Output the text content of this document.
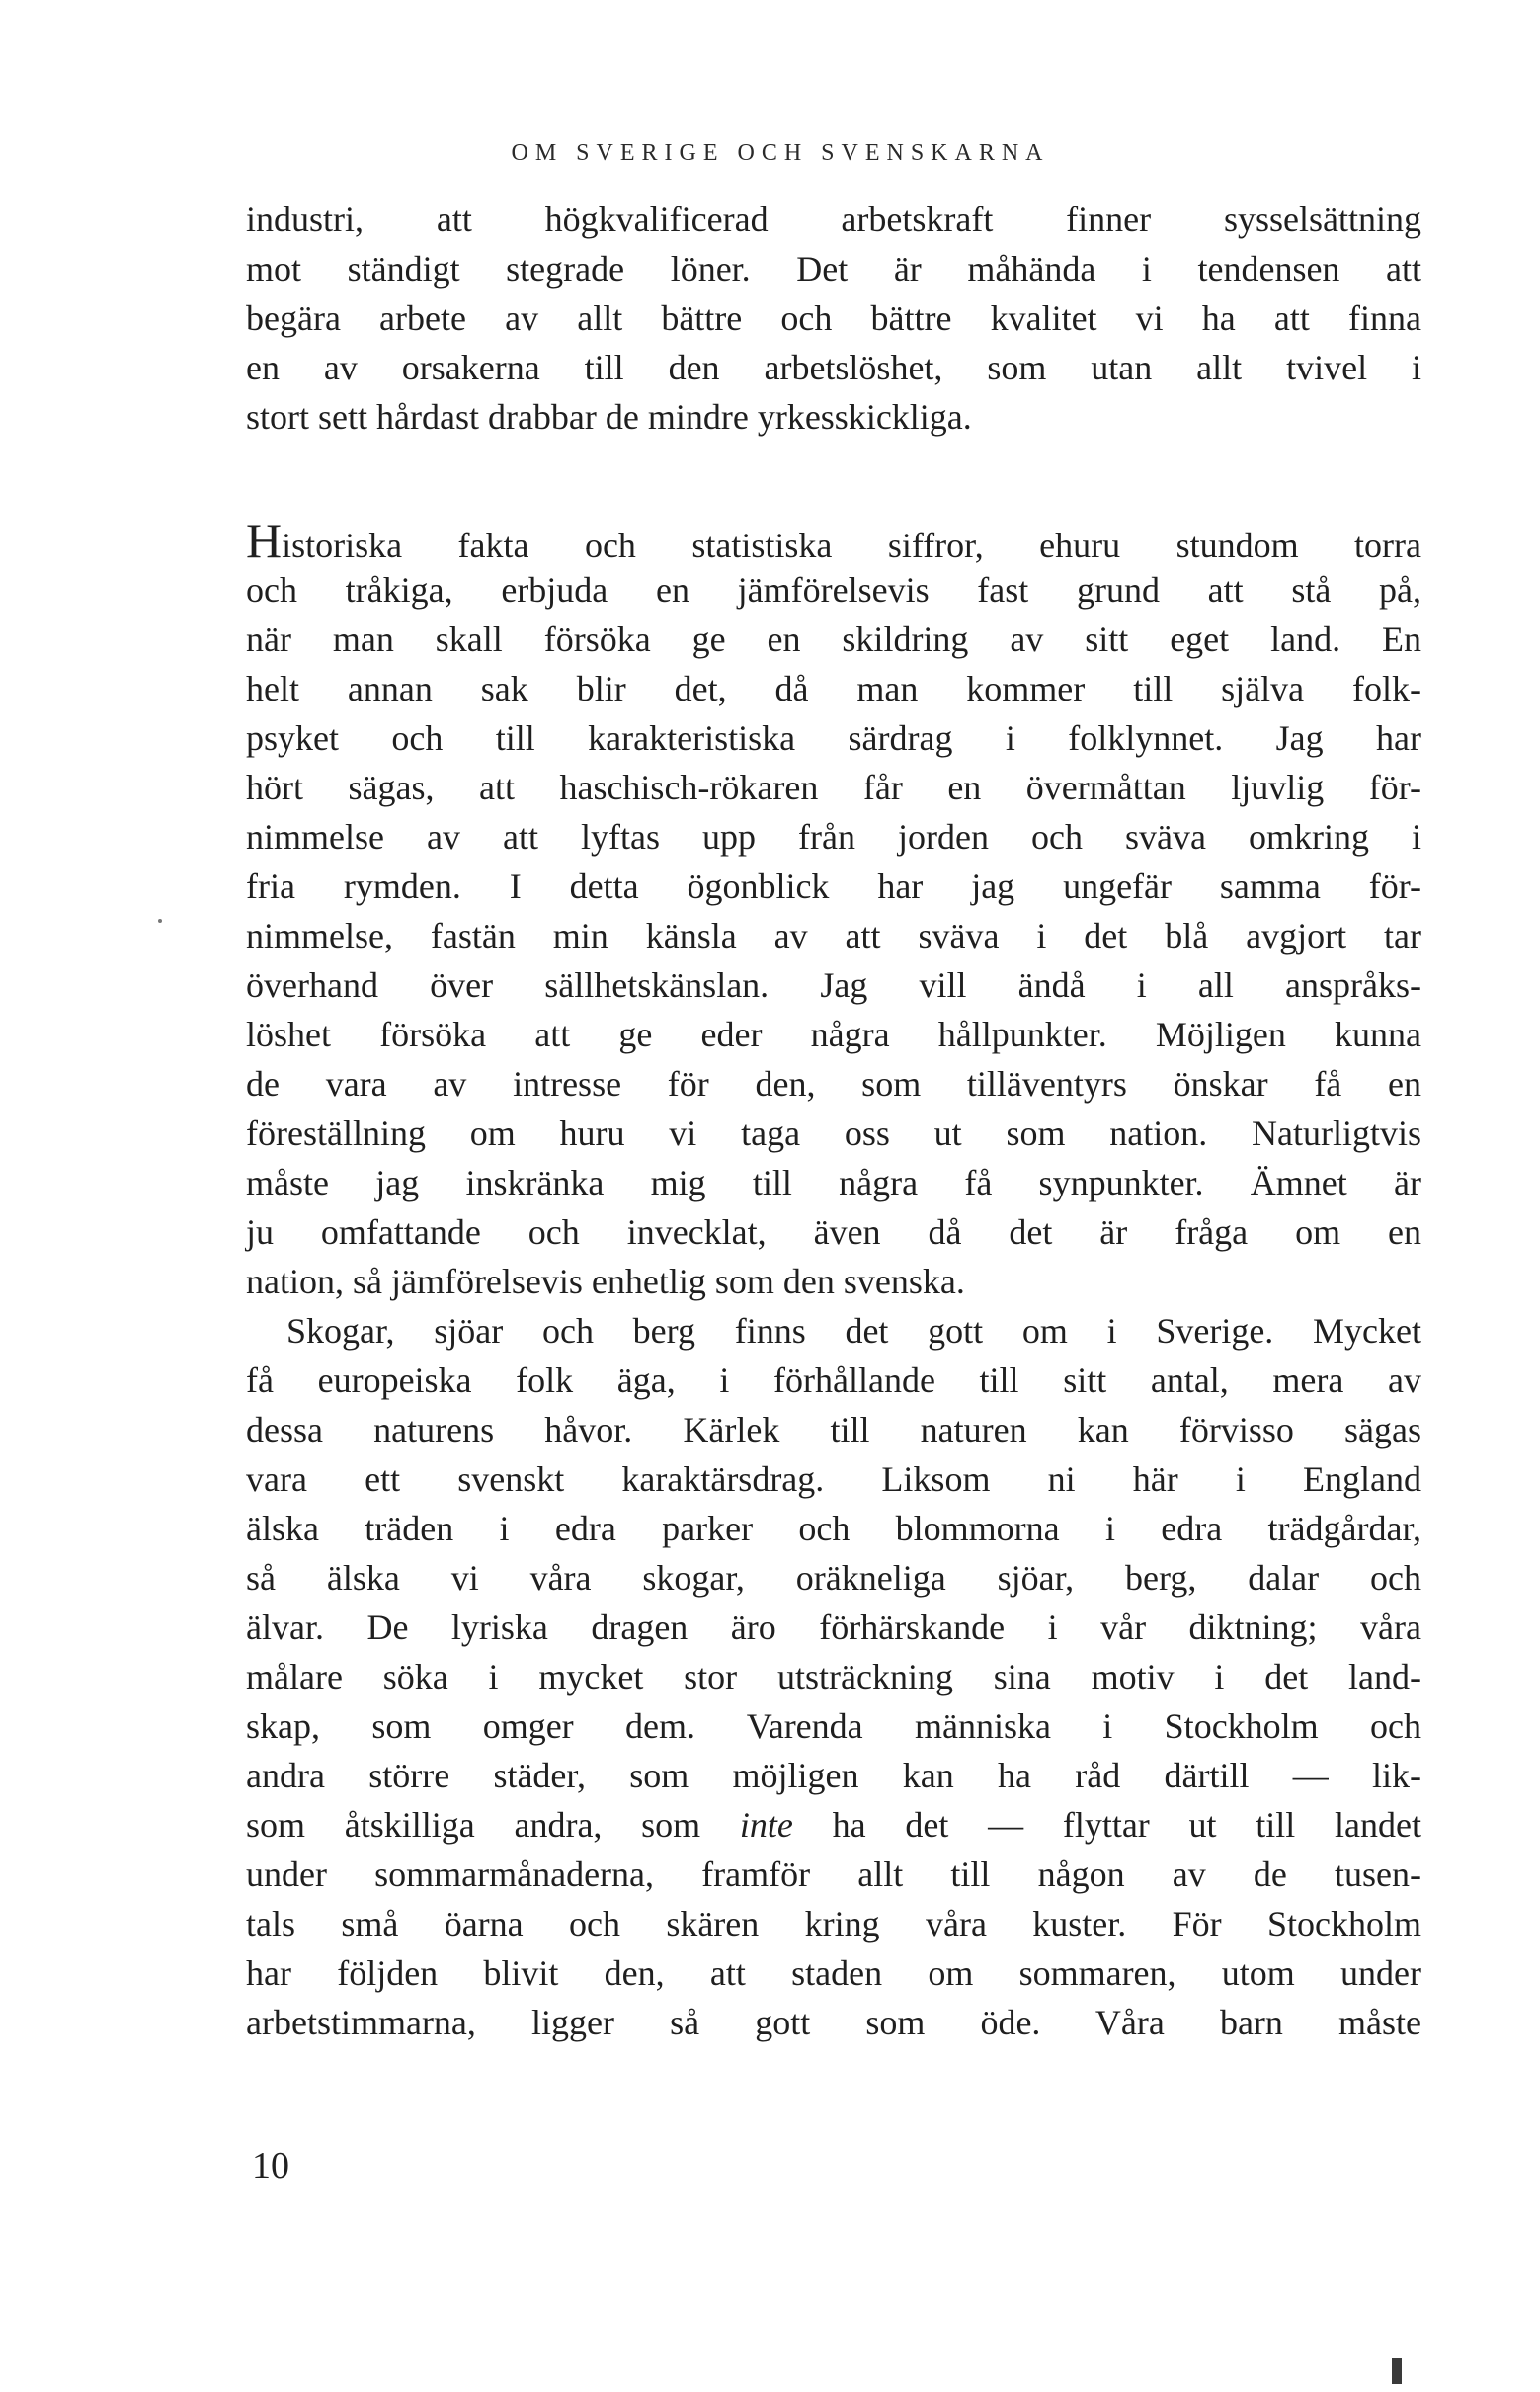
OM SVERIGE OCH SVENSKARNA
industri, att högkvalificerad arbetskraft finner sysselsättning
mot ständigt stegrade löner. Det är måhända i tendensen att
begära arbete av allt bättre och bättre kvalitet vi ha att finna
en av orsakerna till den arbetslöshet, som utan allt tvivel i
stort sett hårdast drabbar de mindre yrkesskickliga.
Historiska fakta och statistiska siffror, ehuru stundom torra
och tråkiga, erbjuda en jämförelsevis fast grund att stå på,
när man skall försöka ge en skildring av sitt eget land. En
helt annan sak blir det, då man kommer till själva folk-
psyket och till karakteristiska särdrag i folklynnet. Jag har
hört sägas, att haschisch-rökaren får en övermåttan ljuvlig för-
nimmelse av att lyftas upp från jorden och sväva omkring i
fria rymden. I detta ögonblick har jag ungefär samma för-
nimmelse, fastän min känsla av att sväva i det blå avgjort tar
överhand över sällhetskänslan. Jag vill ändå i all anspråks-
löshet försöka att ge eder några hållpunkter. Möjligen kunna
de vara av intresse för den, som tilläventyrs önskar få en
föreställning om huru vi taga oss ut som nation. Naturligtvis
måste jag inskränka mig till några få synpunkter. Ämnet är
ju omfattande och invecklat, även då det är fråga om en
nation, så jämförelsevis enhetlig som den svenska.
Skogar, sjöar och berg finns det gott om i Sverige. Mycket
få europeiska folk äga, i förhållande till sitt antal, mera av
dessa naturens håvor. Kärlek till naturen kan förvisso sägas
vara ett svenskt karaktärsdrag. Liksom ni här i England
älska träden i edra parker och blommorna i edra trädgårdar,
så älska vi våra skogar, oräkneliga sjöar, berg, dalar och
älvar. De lyriska dragen äro förhärskande i vår diktning; våra
målare söka i mycket stor utsträckning sina motiv i det land-
skap, som omger dem. Varenda människa i Stockholm och
andra större städer, som möjligen kan ha råd därtill — lik-
som åtskilliga andra, som inte ha det — flyttar ut till landet
under sommarmånaderna, framför allt till någon av de tusen-
tals små öarna och skären kring våra kuster. För Stockholm
har följden blivit den, att staden om sommaren, utom under
arbetstimmarna, ligger så gott som öde. Våra barn måste
10
